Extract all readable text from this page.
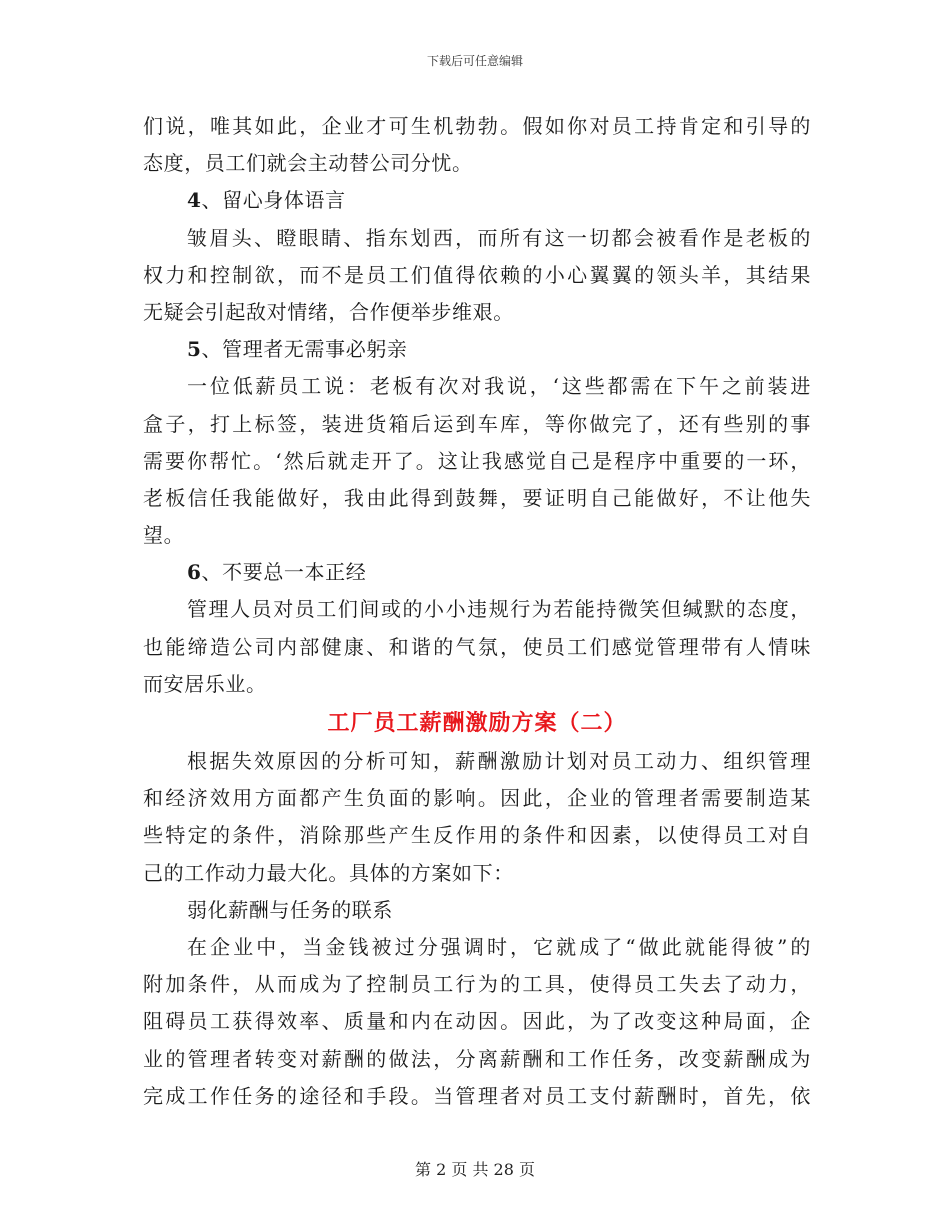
下载后可任意编辑
们说，唯其如此，企业才可生机勃勃。假如你对员工持肯定和引导的
态度，员工们就会主动替公司分忧。
4、留心身体语言
皱眉头、瞪眼睛、指东划西，而所有这一切都会被看作是老板的
权力和控制欲，而不是员工们值得依赖的小心翼翼的领头羊，其结果
无疑会引起敌对情绪，合作便举步维艰。
5、管理者无需事必躬亲
一位低薪员工说：老板有次对我说，‘这些都需在下午之前装进
盒子，打上标签，装进货箱后运到车库，等你做完了，还有些别的事
需要你帮忙。‘然后就走开了。这让我感觉自己是程序中重要的一环，
老板信任我能做好，我由此得到鼓舞，要证明自己能做好，不让他失
望。
6、不要总一本正经
管理人员对员工们间或的小小违规行为若能持微笑但缄默的态度，
也能缔造公司内部健康、和谐的气氛，使员工们感觉管理带有人情味
而安居乐业。
工厂员工薪酬激励方案（二）
根据失效原因的分析可知，薪酬激励计划对员工动力、组织管理
和经济效用方面都产生负面的影响。因此，企业的管理者需要制造某
些特定的条件，消除那些产生反作用的条件和因素，以使得员工对自
己的工作动力最大化。具体的方案如下：
弱化薪酬与任务的联系
在企业中，当金钱被过分强调时，它就成了“做此就能得彼”的
附加条件，从而成为了控制员工行为的工具，使得员工失去了动力，
阻碍员工获得效率、质量和内在动因。因此，为了改变这种局面，企
业的管理者转变对薪酬的做法，分离薪酬和工作任务，改变薪酬成为
完成工作任务的途径和手段。当管理者对员工支付薪酬时，首先，依
第 2 页 共 28 页
